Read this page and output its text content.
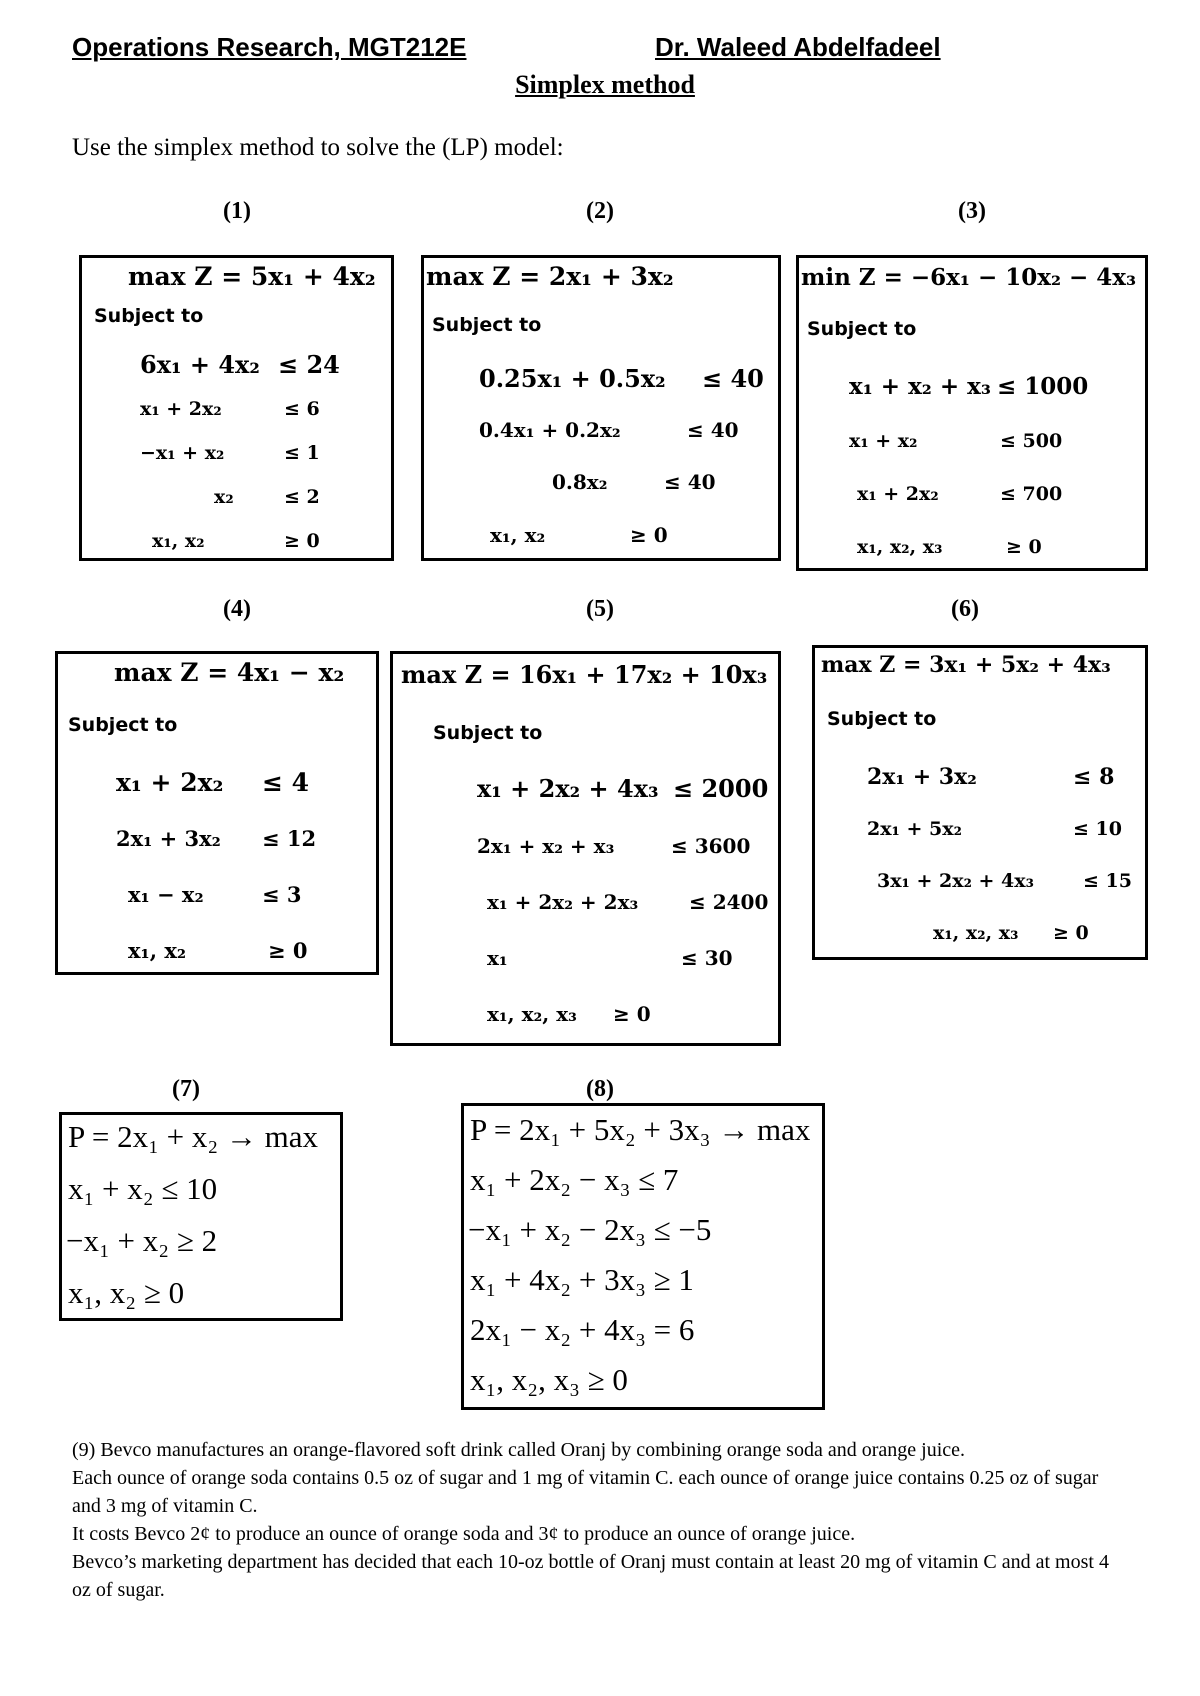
Operations Research, MGT212E	Dr. Waleed Abdelfadeel
Simplex method
Use the simplex method to solve the (LP) model:
(1)
max Z = 5x₁ + 4x₂
Subject to
6x₁ + 4x₂ ≤ 24
x₁ + 2x₂	≤ 6
−x₁ + x₂	≤ 1
x₂	≤ 2
x₁, x₂	≥ 0
(2)
max Z = 2x₁ + 3x₂
Subject to
0.25x₁ + 0.5x₂ ≤ 40
0.4x₁ + 0.2x₂	≤ 40
0.8x₂	≤ 40
x₁, x₂	≥ 0
(3)
min Z = −6x₁ − 10x₂ − 4x₃
Subject to
x₁ + x₂ + x₃ ≤ 1000
x₁ + x₂	≤ 500
x₁ + 2x₂	≤ 700
x₁, x₂, x₃	≥ 0
(4)
max Z = 4x₁ − x₂
Subject to
x₁ + 2x₂ ≤ 4
2x₁ + 3x₂ ≤ 12
x₁ − x₂	≤ 3
x₁, x₂	≥ 0
(5)
max Z = 16x₁ + 17x₂ + 10x₃
Subject to
x₁ + 2x₂ + 4x₃ ≤ 2000
2x₁ + x₂ + x₃	≤ 3600
x₁ + 2x₂ + 2x₃	≤ 2400
x₁	≤ 30
x₁, x₂, x₃ ≥ 0
(6)
max Z = 3x₁ + 5x₂ + 4x₃
Subject to
2x₁ + 3x₂	≤ 8
2x₁ + 5x₂	≤ 10
3x₁ + 2x₂ + 4x₃	≤ 15
x₁, x₂, x₃ ≥ 0
(7)
P = 2x₁ + x₂ → max
x₁ + x₂ ≤ 10
−x₁ + x₂ ≥ 2
x₁, x₂ ≥ 0
(8)
P = 2x₁ + 5x₂ + 3x₃ → max
x₁ + 2x₂ − x₃ ≤ 7
−x₁ + x₂ − 2x₃ ≤ −5
x₁ + 4x₂ + 3x₃ ≥ 1
2x₁ − x₂ + 4x₃ = 6
x₁, x₂, x₃ ≥ 0

(9) Bevco manufactures an orange-flavored soft drink called Oranj by combining orange soda and orange juice.

Each ounce of orange soda contains 0.5 oz of sugar and 1 mg of vitamin C. each ounce of orange juice contains 0.25 oz of sugar and 3 mg of vitamin C.

It costs Bevco 2¢ to produce an ounce of orange soda and 3¢ to produce an ounce of orange juice.

Bevco’s marketing department has decided that each 10-oz bottle of Oranj must contain at least 20 mg of vitamin C and at most 4 oz of sugar.
